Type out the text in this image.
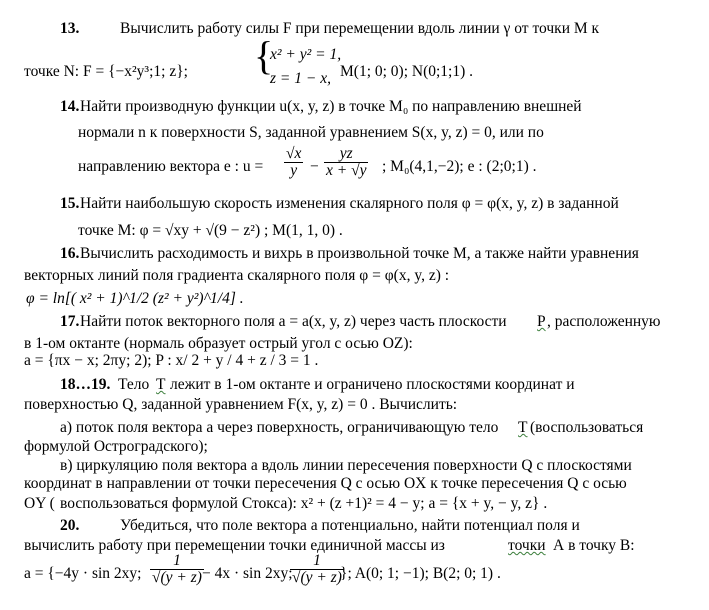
13.	Вычислить работу силы F при перемещении вдоль линии γ от точки М к
точке N: F = {−x²y³;1; z}; {
x² + y² = 1,
z = 1 − x, M(1; 0; 0); N(0;1;1) .
14. Найти производную функции u(x, y, z) в точке M₀ по направлению внешней
нормали n к поверхности S, заданной уравнением S(x, y, z) = 0, или по
направлению вектора e : $u = \frac{√x}{y} - \frac{yz}{x + √y}$ ; M₀(4,1,−2); e : (2;0;1) .
15. Найти наибольшую скорость изменения скалярного поля φ = φ(x, y, z) в заданной
точке М: φ = √xy + √(9 − z²) ; M(1, 1, 0) .
16. Вычислить расходимость и вихрь в произвольной точке М, а также найти уравнения
векторных линий поля градиента скалярного поля φ = φ(x, y, z) :
φ = ln[( x² + 1)^1/2 (z² + y²)^1/4] .
17. Найти поток векторного поля a = a(x, y, z) через часть плоскости P , расположенную
в 1-ом октанте (нормаль образует острый угол с осью OZ):
a = {πx − x; 2πy; 2); P : x/ 2 + y / 4 + z / 3 = 1 .
18…19. Тело T лежит в 1-ом октанте и ограничено плоскостями координат и
поверхностью Q, заданной уравнением F(x, y, z) = 0 . Вычислить:
а) поток поля вектора a через поверхность, ограничивающую тело T (воспользоваться
формулой Остроградского);
в) циркуляцию поля вектора a вдоль линии пересечения поверхности Q с плоскостями
координат в направлении от точки пересечения Q с осью OX к точке пересечения Q с осью
OY ( воспользоваться формулой Стокса): x² + (z +1)² = 4 − y; a = {x + y, − y, z} .
20.	Убедиться, что поле вектора a потенциально, найти потенциал поля и
вычислить работу при перемещении точки единичной массы из	точки А в точку В:
a = {−4y · sin 2xy; $\frac{1}{√(y + z)}$
− 4x · sin 2xy;
$\frac{1}{√(y + z)}$
}; A(0; 1; −1); B(2; 0; 1) .
